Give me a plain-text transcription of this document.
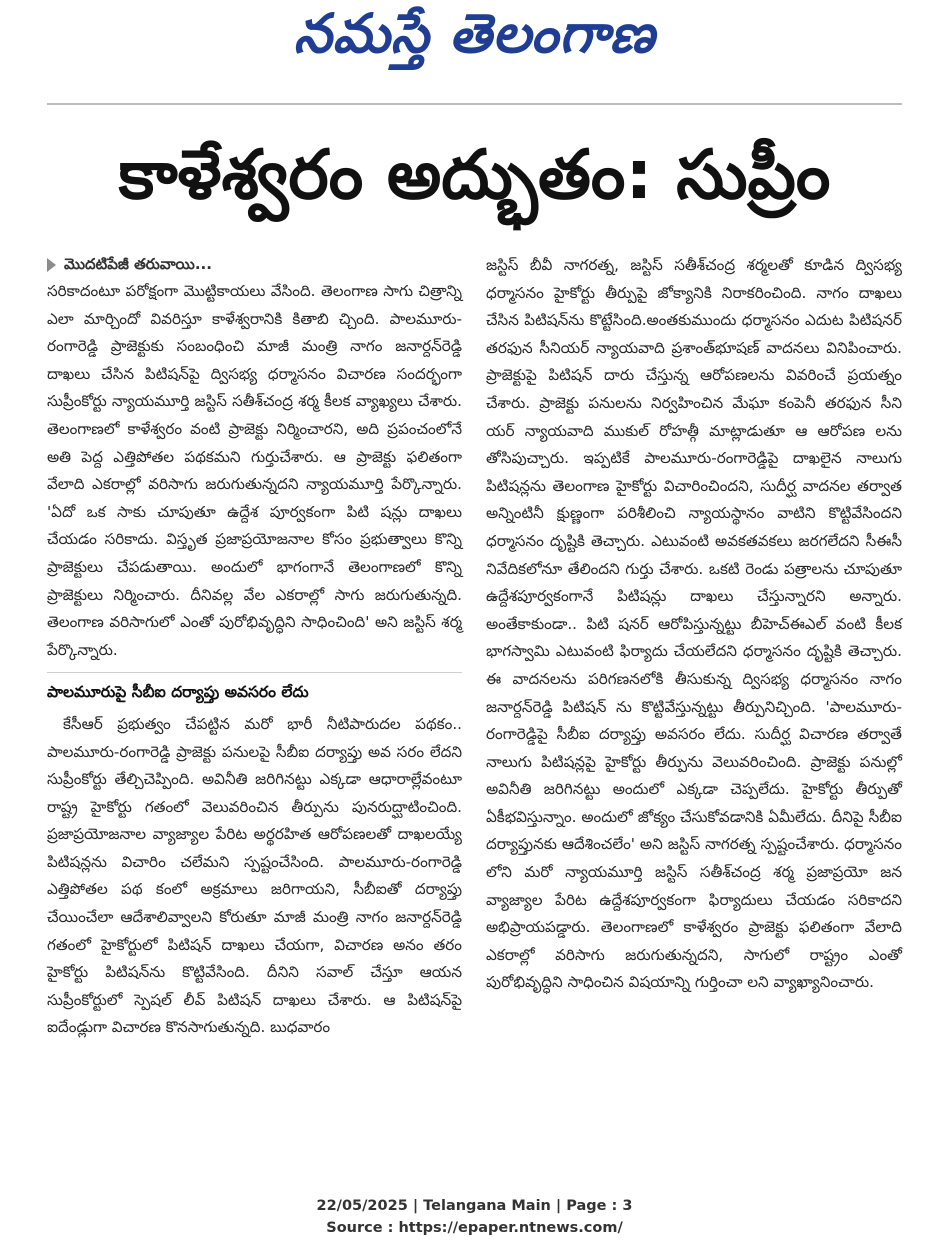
నమస్తే తెలంగాణ
కాళేశ్వరం అద్భుతం: సుప్రీం
మొదటిపేజీ తరువాయి...

సరికాదంటూ పరోక్షంగా మొట్టికాయలు వేసింది. తెలంగాణ సాగు చిత్రాన్ని ఎలా మార్చిందో వివరిస్తూ కాళేశ్వరానికి కితాబి చ్చింది. పాలమూరు-రంగారెడ్డి ప్రాజెక్టుకు సంబంధించి మాజీ మంత్రి నాగం జనార్దన్‌రెడ్డి దాఖలు చేసిన పిటిషన్‌పై ద్విసభ్య ధర్మాసనం విచారణ సందర్భంగా సుప్రీంకోర్టు న్యాయమూర్తి జస్టిస్ సతీశ్‌చంద్ర శర్మ కీలక వ్యాఖ్యలు చేశారు. తెలంగాణలో కాళేశ్వరం వంటి ప్రాజెక్టు నిర్మించారని, అది ప్రపంచంలోనే అతి పెద్ద ఎత్తిపోతల పథకమని గుర్తుచేశారు. ఆ ప్రాజెక్టు ఫలితంగా వేలాది ఎకరాల్లో వరిసాగు జరుగుతున్నదని న్యాయమూర్తి పేర్కొన్నారు. 'ఏదో ఒక సాకు చూపుతూ ఉద్దేశ పూర్వకంగా పిటి షన్లు దాఖలు చేయడం సరికాదు. విస్తృత ప్రజాప్రయోజనాల కోసం ప్రభుత్వాలు కొన్ని ప్రాజెక్టులు చేపడుతాయి. అందులో భాగంగానే తెలంగాణలో కొన్ని ప్రాజెక్టులు నిర్మించారు. దీనివల్ల వేల ఎకరాల్లో సాగు జరుగుతున్నది. తెలంగాణ వరిసాగులో ఎంతో పురోభివృద్ధిని సాధించింది' అని జస్టిస్ శర్మ పేర్కొన్నారు.

పాలమూరుపై సీబీఐ దర్యాప్తు అవసరం లేదు

కేసీఆర్ ప్రభుత్వం చేపట్టిన మరో భారీ నీటిపారుదల పథకం.. పాలమూరు-రంగారెడ్డి ప్రాజెక్టు పనులపై సీబీఐ దర్యాప్తు అవ సరం లేదని సుప్రీంకోర్టు తేల్చిచెప్పింది. అవినీతి జరిగినట్టు ఎక్కడా ఆధారాల్లేవంటూ రాష్ట్ర హైకోర్టు గతంలో వెలువరించిన తీర్పును పునరుద్ఘాటించింది. ప్రజాప్రయోజనాల వ్యాజ్యాల పేరిట అర్థరహిత ఆరోపణలతో దాఖలయ్యే పిటిషన్లను విచారిం చలేమని స్పష్టంచేసింది. పాలమూరు-రంగారెడ్డి ఎత్తిపోతల పథ కంలో అక్రమాలు జరిగాయని, సీబీఐతో దర్యాప్తు చేయించేలా ఆదేశాలివ్వాలని కోరుతూ మాజీ మంత్రి నాగం జనార్దన్‌రెడ్డి గతంలో హైకోర్టులో పిటిషన్ దాఖలు చేయగా, విచారణ అనం తరం హైకోర్టు పిటిషన్‌ను కొట్టివేసింది. దీనిని సవాల్ చేస్తూ ఆయన సుప్రీంకోర్టులో స్పెషల్ లీవ్ పిటిషన్ దాఖలు చేశారు. ఆ పిటిషన్‌పై ఐదేండ్లుగా విచారణ కొనసాగుతున్నది. బుధవారం

జస్టిస్ బీవీ నాగరత్న, జస్టిస్ సతీశ్‌చంద్ర శర్మలతో కూడిన ద్విసభ్య ధర్మాసనం హైకోర్టు తీర్పుపై జోక్యానికి నిరాకరించింది. నాగం దాఖలు చేసిన పిటిషన్‌ను కొట్టేసింది.అంతకుముందు ధర్మాసనం ఎదుట పిటిషనర్ తరఫున సీనియర్ న్యాయవాది ప్రశాంత్‌భూషణ్ వాదనలు వినిపించారు. ప్రాజెక్టుపై పిటిషన్ దారు చేస్తున్న ఆరోపణలను వివరించే ప్రయత్నం చేశారు. ప్రాజెక్టు పనులను నిర్వహించిన మేఘా కంపెనీ తరఫున సీని యర్ న్యాయవాది ముకుల్ రోహత్గీ మాట్లాడుతూ ఆ ఆరోపణ లను తోసిపుచ్చారు. ఇప్పటికే పాలమూరు-రంగారెడ్డిపై దాఖలైన నాలుగు పిటిషన్లను తెలంగాణ హైకోర్టు విచారించిందని, సుదీర్ఘ వాదనల తర్వాత అన్నింటినీ క్షుణ్ణంగా పరిశీలించి న్యాయస్థానం వాటిని కొట్టివేసిందని ధర్మాసనం దృష్టికి తెచ్చారు. ఎటువంటి అవకతవకలు జరగలేదని సీఈసీ నివేదికలోనూ తేలిందని గుర్తు చేశారు. ఒకటి రెండు పత్రాలను చూపుతూ ఉద్దేశపూర్వకంగానే పిటిషన్లు దాఖలు చేస్తున్నారని అన్నారు. అంతేకాకుండా.. పిటి షనర్ ఆరోపిస్తున్నట్టు బీహెచ్ఈఎల్ వంటి కీలక భాగస్వామి ఎటువంటి ఫిర్యాదు చేయలేదని ధర్మాసనం దృష్టికి తెచ్చారు. ఈ వాదనలను పరిగణనలోకి తీసుకున్న ద్విసభ్య ధర్మాసనం నాగం జనార్దన్‌రెడ్డి పిటిషన్ ను కొట్టివేస్తున్నట్టు తీర్పునిచ్చింది. 'పాలమూరు-రంగారెడ్డిపై సీబీఐ దర్యాప్తు అవసరం లేదు. సుదీర్ఘ విచారణ తర్వాతే నాలుగు పిటిషన్లపై హైకోర్టు తీర్పును వెలువరించింది. ప్రాజెక్టు పనుల్లో అవినీతి జరిగినట్టు అందులో ఎక్కడా చెప్పలేదు. హైకోర్టు తీర్పుతో ఏకీభవిస్తున్నాం. అందులో జోక్యం చేసుకోవడానికి ఏమీలేదు. దీనిపై సీబీఐ దర్యాప్తునకు ఆదేశించలేం' అని జస్టిస్ నాగరత్న స్పష్టంచేశారు. ధర్మాసనం లోని మరో న్యాయమూర్తి జస్టిస్ సతీశ్‌చంద్ర శర్మ ప్రజాప్రయో జన వ్యాజ్యాల పేరిట ఉద్దేశపూర్వకంగా ఫిర్యాదులు చేయడం సరికాదని అభిప్రాయపడ్డారు. తెలంగాణలో కాళేశ్వరం ప్రాజెక్టు ఫలితంగా వేలాది ఎకరాల్లో వరిసాగు జరుగుతున్నదని, సాగులో రాష్ట్రం ఎంతో పురోభివృద్ధిని సాధించిన విషయాన్ని గుర్తించా లని వ్యాఖ్యానించారు.

22/05/2025 | Telangana Main | Page : 3
Source : https://epaper.ntnews.com/
